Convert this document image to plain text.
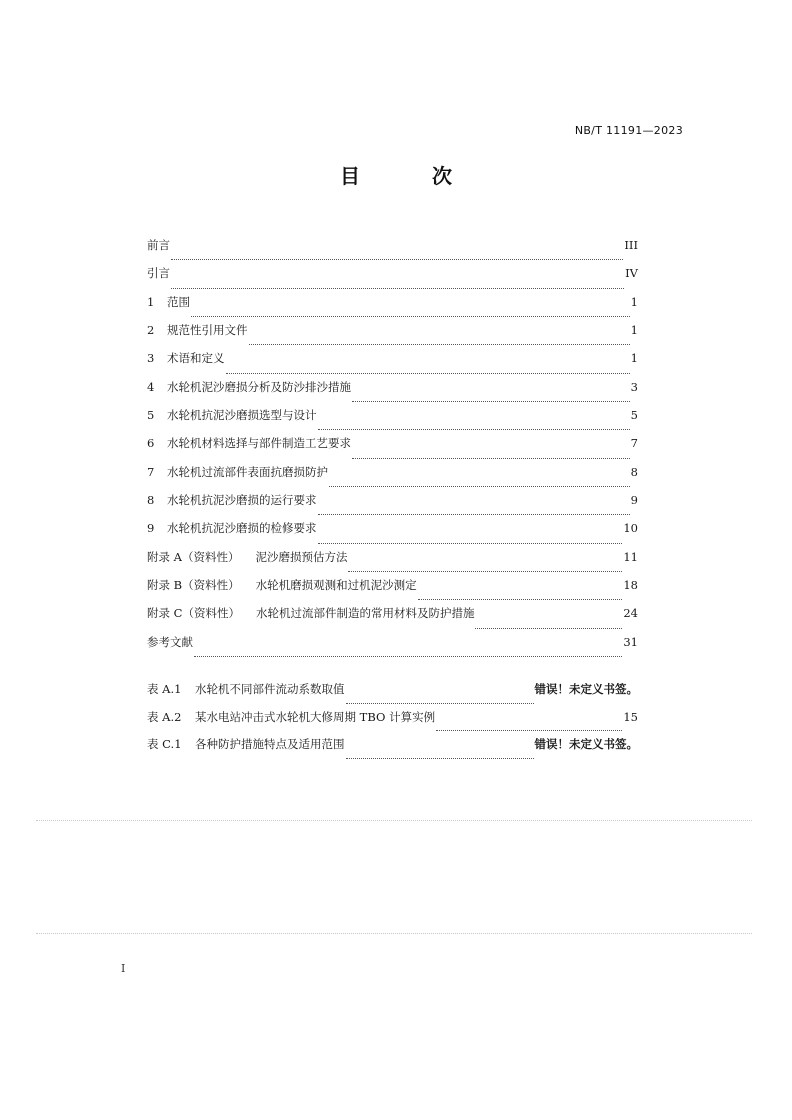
NB/T 11191—2023
目　次
前言	III
引言	IV
1	范围	1
2	规范性引用文件	1
3	术语和定义	1
4	水轮机泥沙磨损分析及防沙排沙措施	3
5	水轮机抗泥沙磨损选型与设计	5
6	水轮机材料选择与部件制造工艺要求	7
7	水轮机过流部件表面抗磨损防护	8
8	水轮机抗泥沙磨损的运行要求	9
9	水轮机抗泥沙磨损的检修要求	10
附录 A（资料性） 泥沙磨损预估方法	11
附录 B（资料性） 水轮机磨损观测和过机泥沙测定	18
附录 C（资料性） 水轮机过流部件制造的常用材料及防护措施	24
参考文献	31
表 A.1	水轮机不同部件流动系数取值	错误！未定义书签。
表 A.2	某水电站冲击式水轮机大修周期 TBO 计算实例	15
表 C.1	各种防护措施特点及适用范围	错误！未定义书签。
I
